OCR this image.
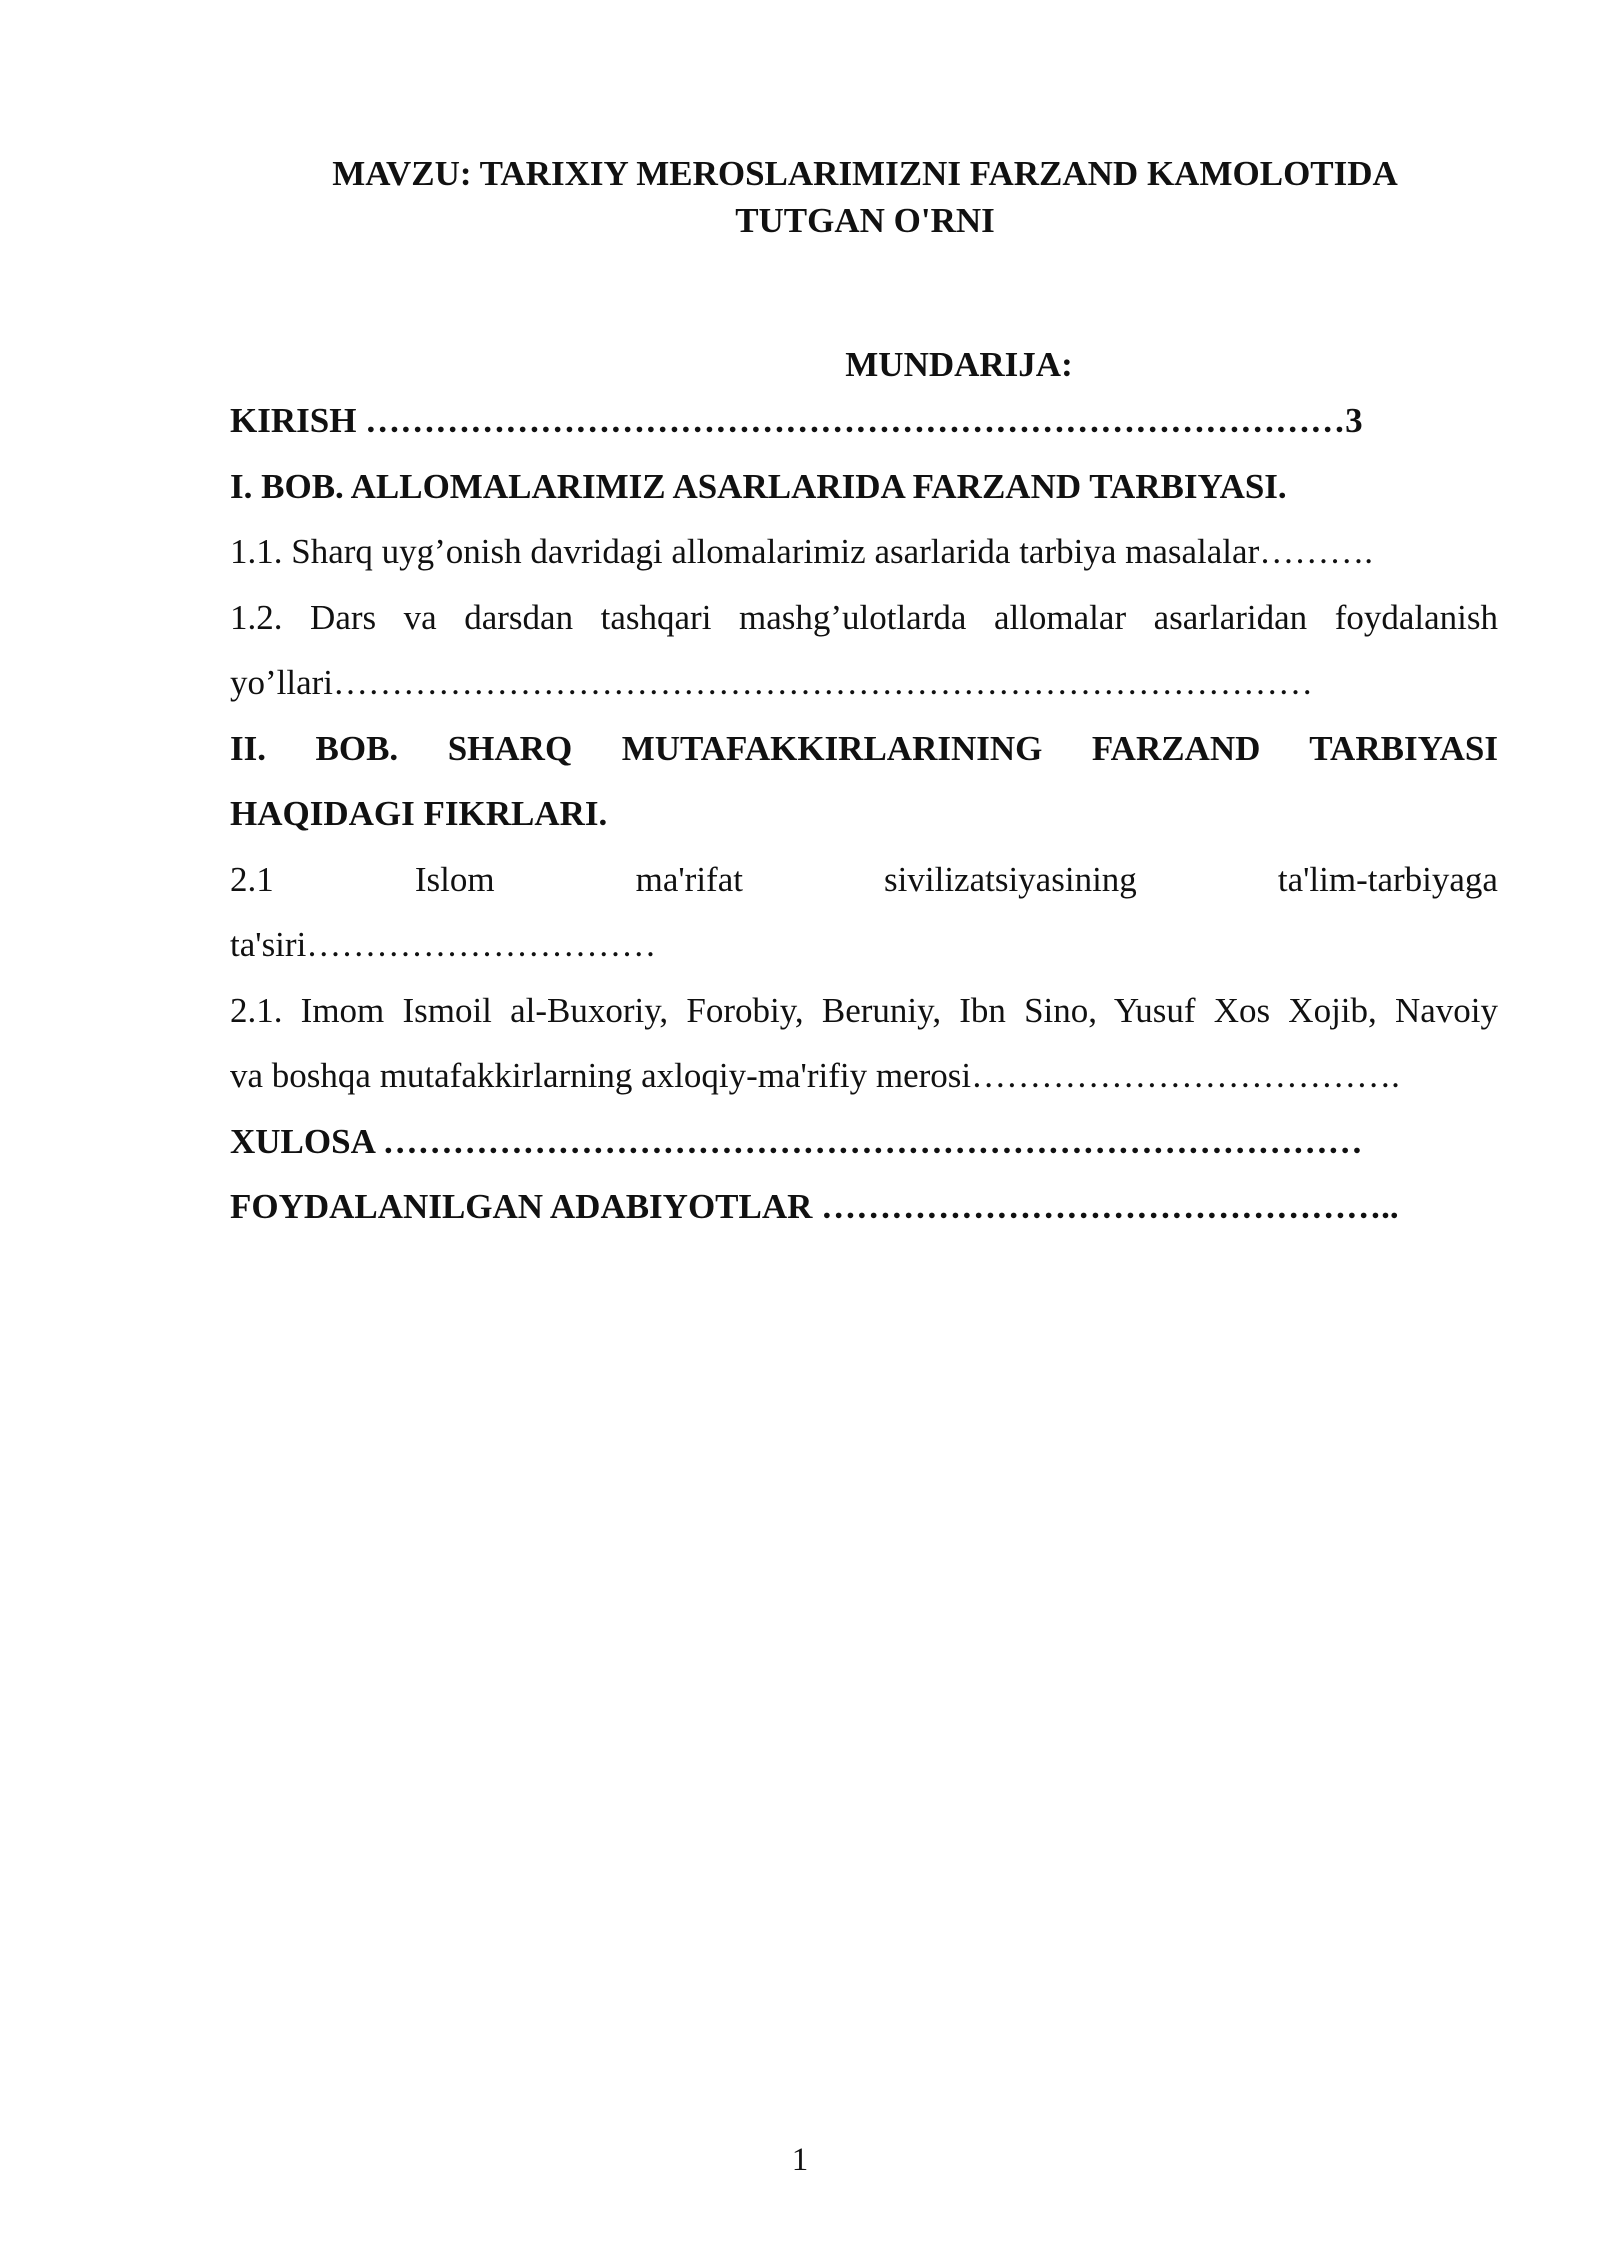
MAVZU: TARIXIY MEROSLARIMIZNI FARZAND KAMOLOTIDA
TUTGAN O'RNI
MUNDARIJA:
KIRISH …………………………………………………………………………3
I. BOB. ALLOMALARIMIZ ASARLARIDA FARZAND TARBIYASI.
1.1. Sharq uyg’onish davridagi allomalarimiz asarlarida tarbiya masalalar……….
1.2. Dars va darsdan tashqari mashg’ulotlarda allomalar asarlaridan foydalanish
yo’llari…………………………………………………………………………
II. BOB. SHARQ MUTAFAKKIRLARINING FARZAND TARBIYASI
HAQIDAGI FIKRLARI.
2.1	Islom	ma'rifat	sivilizatsiyasining	ta'lim-tarbiyaga
ta'siri…………………………
2.1. Imom Ismoil al-Buxoriy, Forobiy, Beruniy, Ibn Sino, Yusuf Xos Xojib, Navoiy
va boshqa mutafakkirlarning axloqiy-ma'rifiy merosi……………………………….
XULOSA …………………………………………………………………………
FOYDALANILGAN ADABIYOTLAR …………………………………………..
1
